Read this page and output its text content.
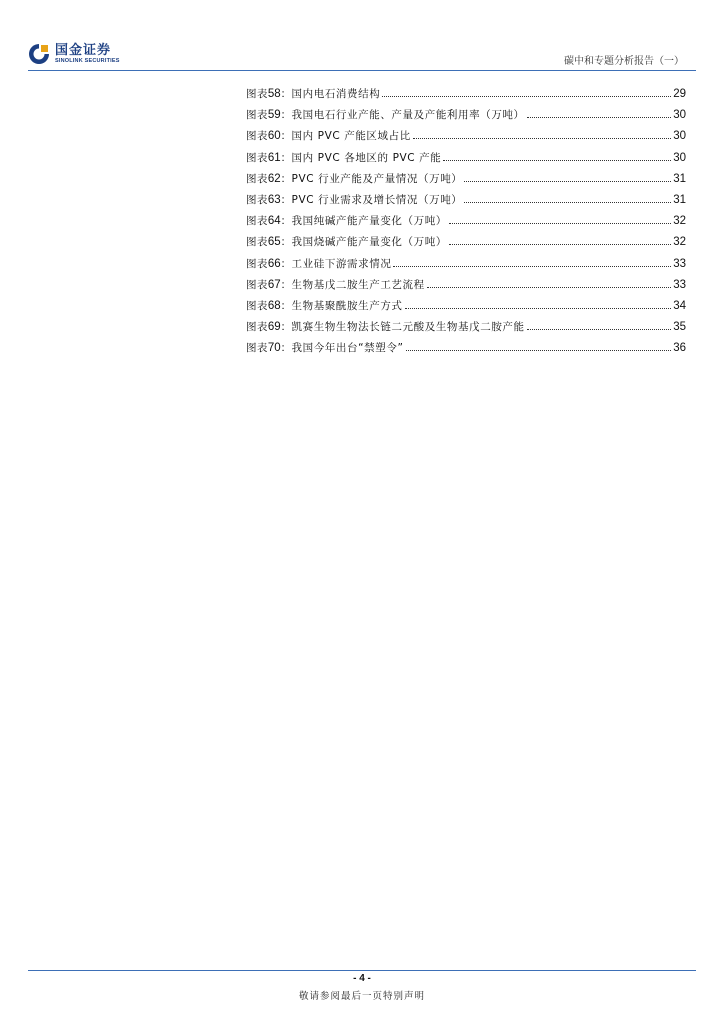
国金证券
SINOLINK SECURITIES	碳中和专题分析报告（一）
图表 58 ： 国内电石消费结构	29
图表 59 ： 我国电石行业产能、产量及产能利用率（万吨）	30
图表 60 ： 国内 PVC 产能区域占比	30
图表 61 ： 国内 PVC 各地区的 PVC 产能	30
图表 62 ： PVC 行业产能及产量情况（万吨）	31
图表 63 ： PVC 行业需求及增长情况（万吨）	31
图表 64 ： 我国纯碱产能产量变化（万吨）	32
图表 65 ： 我国烧碱产能产量变化（万吨）	32
图表 66 ： 工业硅下游需求情况	33
图表 67 ： 生物基戊二胺生产工艺流程	33
图表 68 ： 生物基聚酰胺生产方式	34
图表 69 ： 凯赛生物生物法长链二元酸及生物基戊二胺产能	35
图表 70 ： 我国今年出台“禁塑令”	36
- 4 -
敬请参阅最后一页特别声明
